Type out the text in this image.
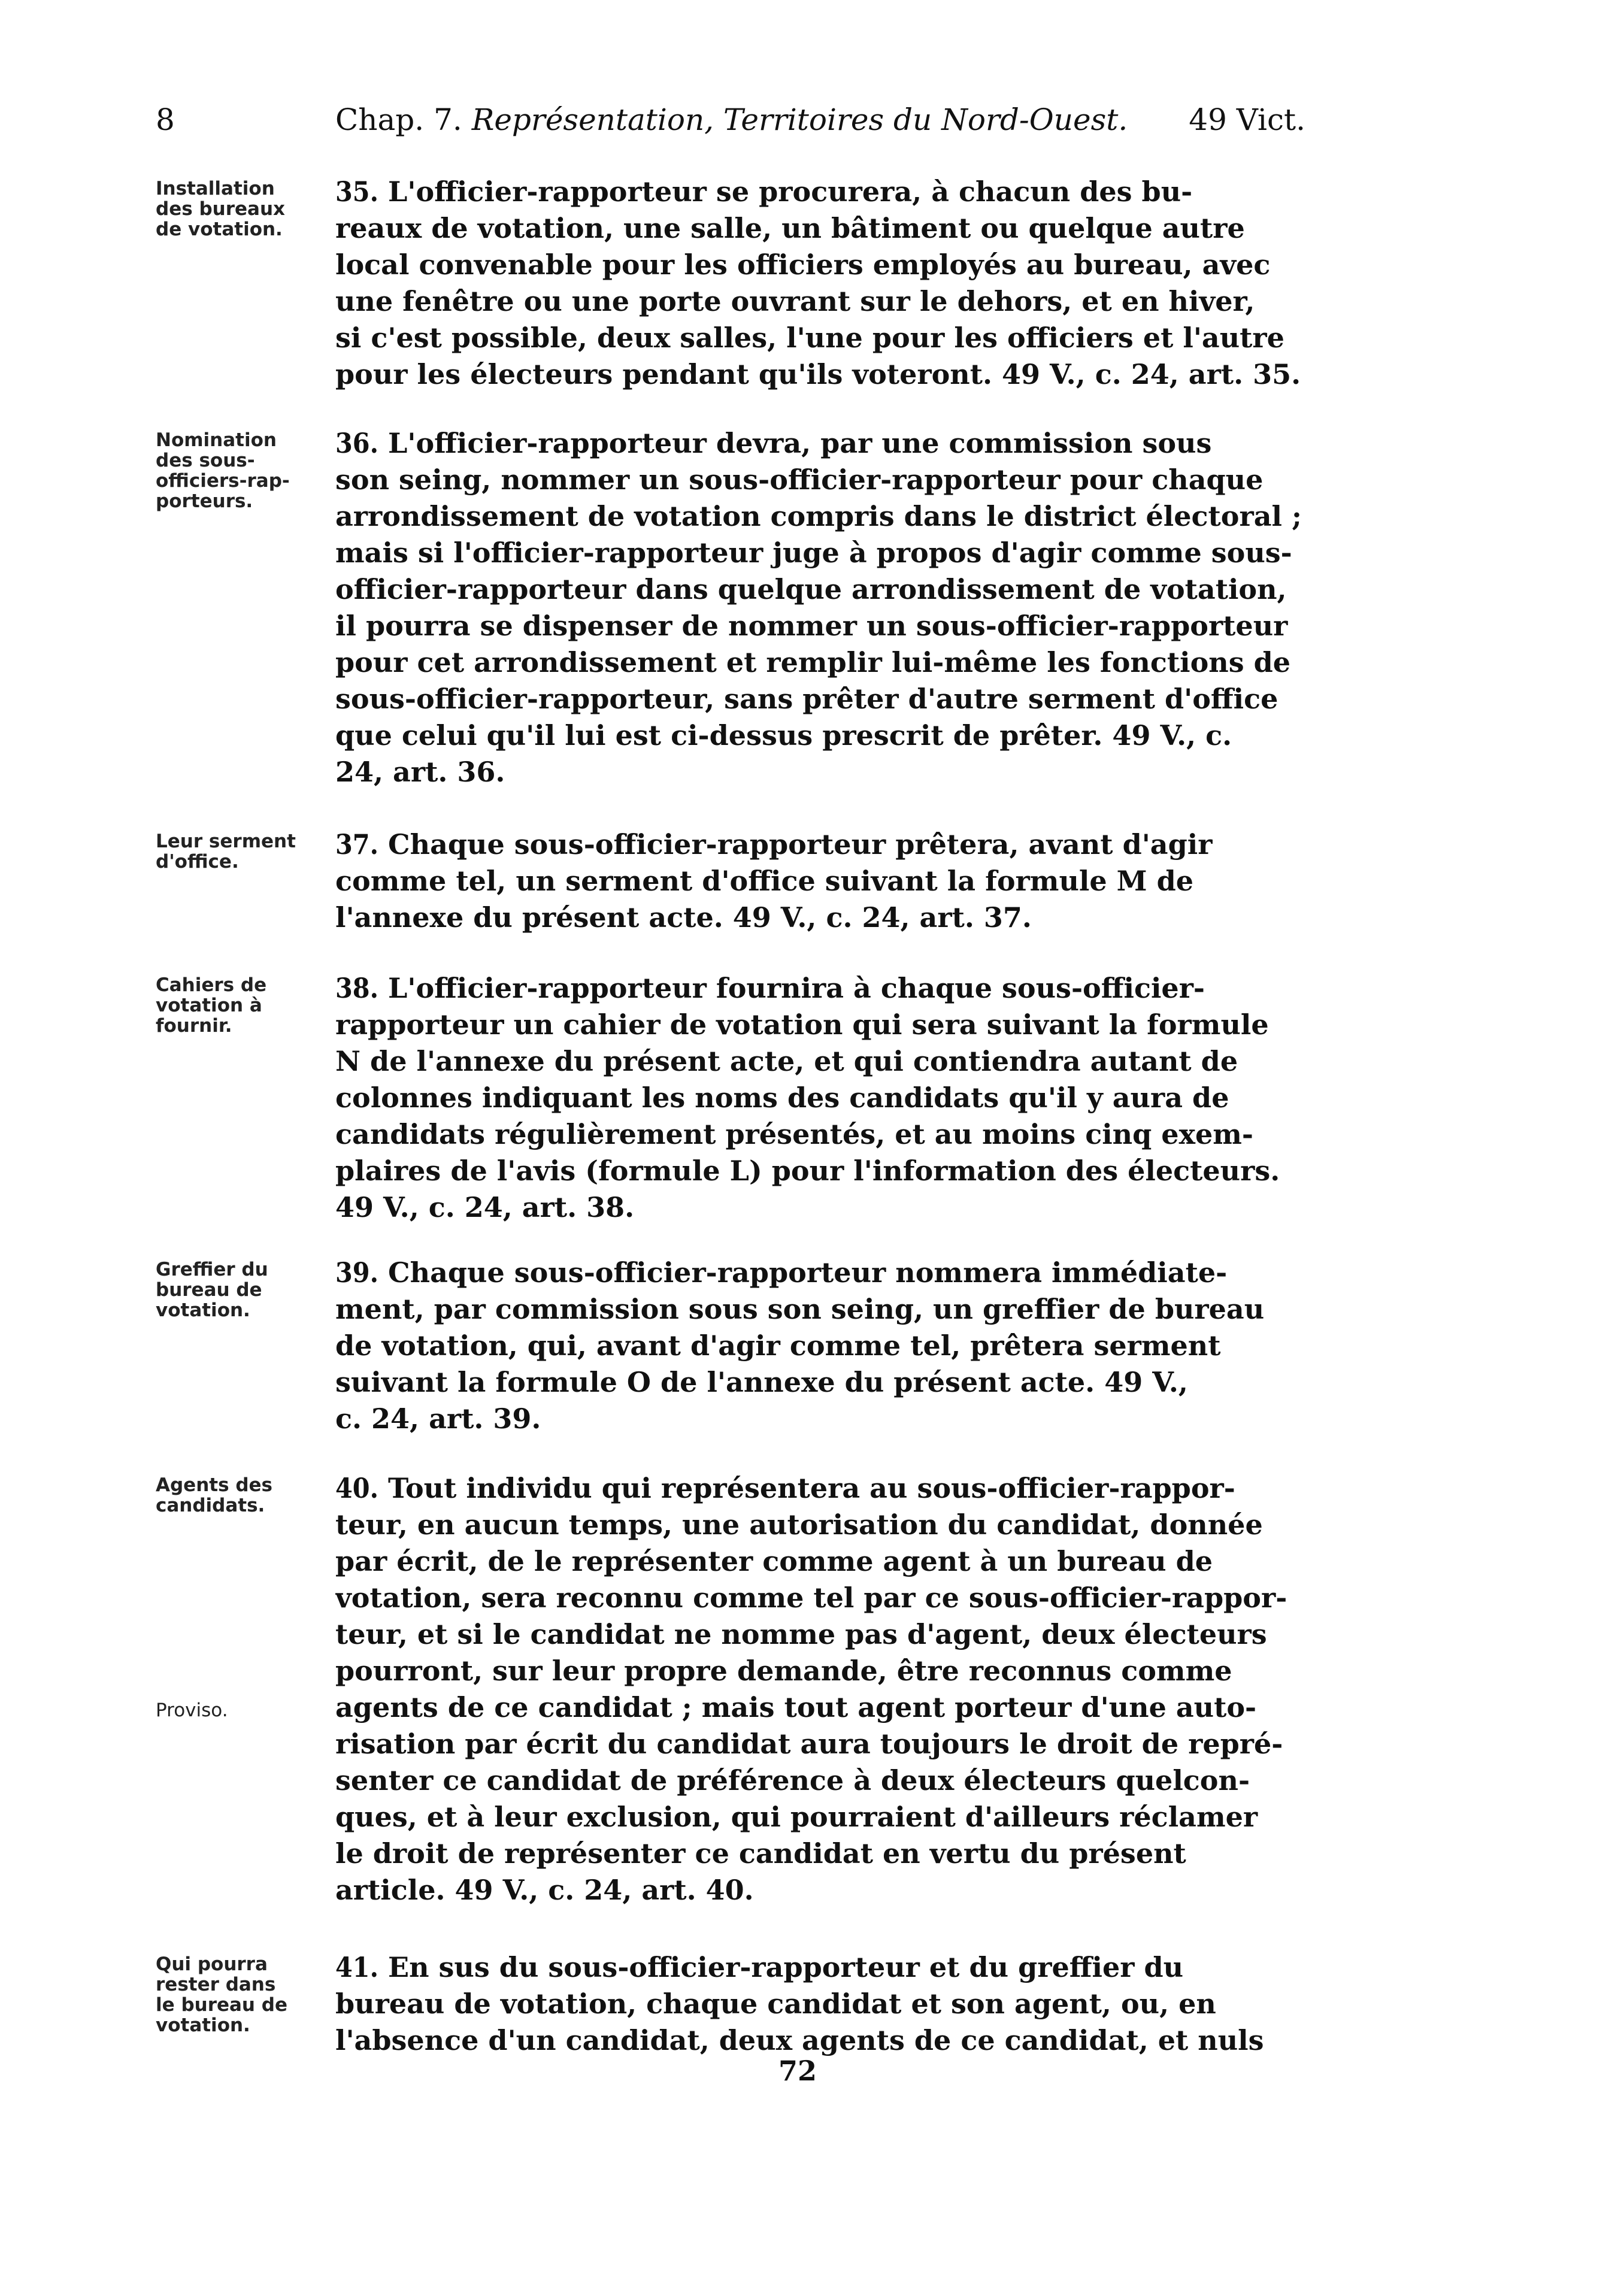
8	Chap. 7. Représentation, Territoires du Nord-Ouest. 49 Vict.
Installation
des bureaux
de votation.
35. L'officier-rapporteur se procurera, à chacun des bu-
reaux de votation, une salle, un bâtiment ou quelque autre
local convenable pour les officiers employés au bureau, avec
une fenêtre ou une porte ouvrant sur le dehors, et en hiver,
si c'est possible, deux salles, l'une pour les officiers et l'autre
pour les électeurs pendant qu'ils voteront. 49 V., c. 24, art. 35.
Nomination
des sous-
officiers-rap-
porteurs.
36. L'officier-rapporteur devra, par une commission sous
son seing, nommer un sous-officier-rapporteur pour chaque
arrondissement de votation compris dans le district électoral ;
mais si l'officier-rapporteur juge à propos d'agir comme sous-
officier-rapporteur dans quelque arrondissement de votation,
il pourra se dispenser de nommer un sous-officier-rapporteur
pour cet arrondissement et remplir lui-même les fonctions de
sous-officier-rapporteur, sans prêter d'autre serment d'office
que celui qu'il lui est ci-dessus prescrit de prêter. 49 V., c.
24, art. 36.
Leur serment
d'office.
37. Chaque sous-officier-rapporteur prêtera, avant d'agir
comme tel, un serment d'office suivant la formule M de
l'annexe du présent acte. 49 V., c. 24, art. 37.
Cahiers de
votation à
fournir.
38. L'officier-rapporteur fournira à chaque sous-officier-
rapporteur un cahier de votation qui sera suivant la formule
N de l'annexe du présent acte, et qui contiendra autant de
colonnes indiquant les noms des candidats qu'il y aura de
candidats régulièrement présentés, et au moins cinq exem-
plaires de l'avis (formule L) pour l'information des électeurs.
49 V., c. 24, art. 38.
Greffier du
bureau de
votation.
39. Chaque sous-officier-rapporteur nommera immédiate-
ment, par commission sous son seing, un greffier de bureau
de votation, qui, avant d'agir comme tel, prêtera serment
suivant la formule O de l'annexe du présent acte. 49 V.,
c. 24, art. 39.
Agents des
candidats.
Proviso.
40. Tout individu qui représentera au sous-officier-rappor-
teur, en aucun temps, une autorisation du candidat, donnée
par écrit, de le représenter comme agent à un bureau de
votation, sera reconnu comme tel par ce sous-officier-rappor-
teur, et si le candidat ne nomme pas d'agent, deux électeurs
pourront, sur leur propre demande, être reconnus comme
agents de ce candidat ; mais tout agent porteur d'une auto-
risation par écrit du candidat aura toujours le droit de repré-
senter ce candidat de préférence à deux électeurs quelcon-
ques, et à leur exclusion, qui pourraient d'ailleurs réclamer
le droit de représenter ce candidat en vertu du présent
article. 49 V., c. 24, art. 40.
Qui pourra
rester dans
le bureau de
votation.
41. En sus du sous-officier-rapporteur et du greffier du
bureau de votation, chaque candidat et son agent, ou, en
l'absence d'un candidat, deux agents de ce candidat, et nuls
72
